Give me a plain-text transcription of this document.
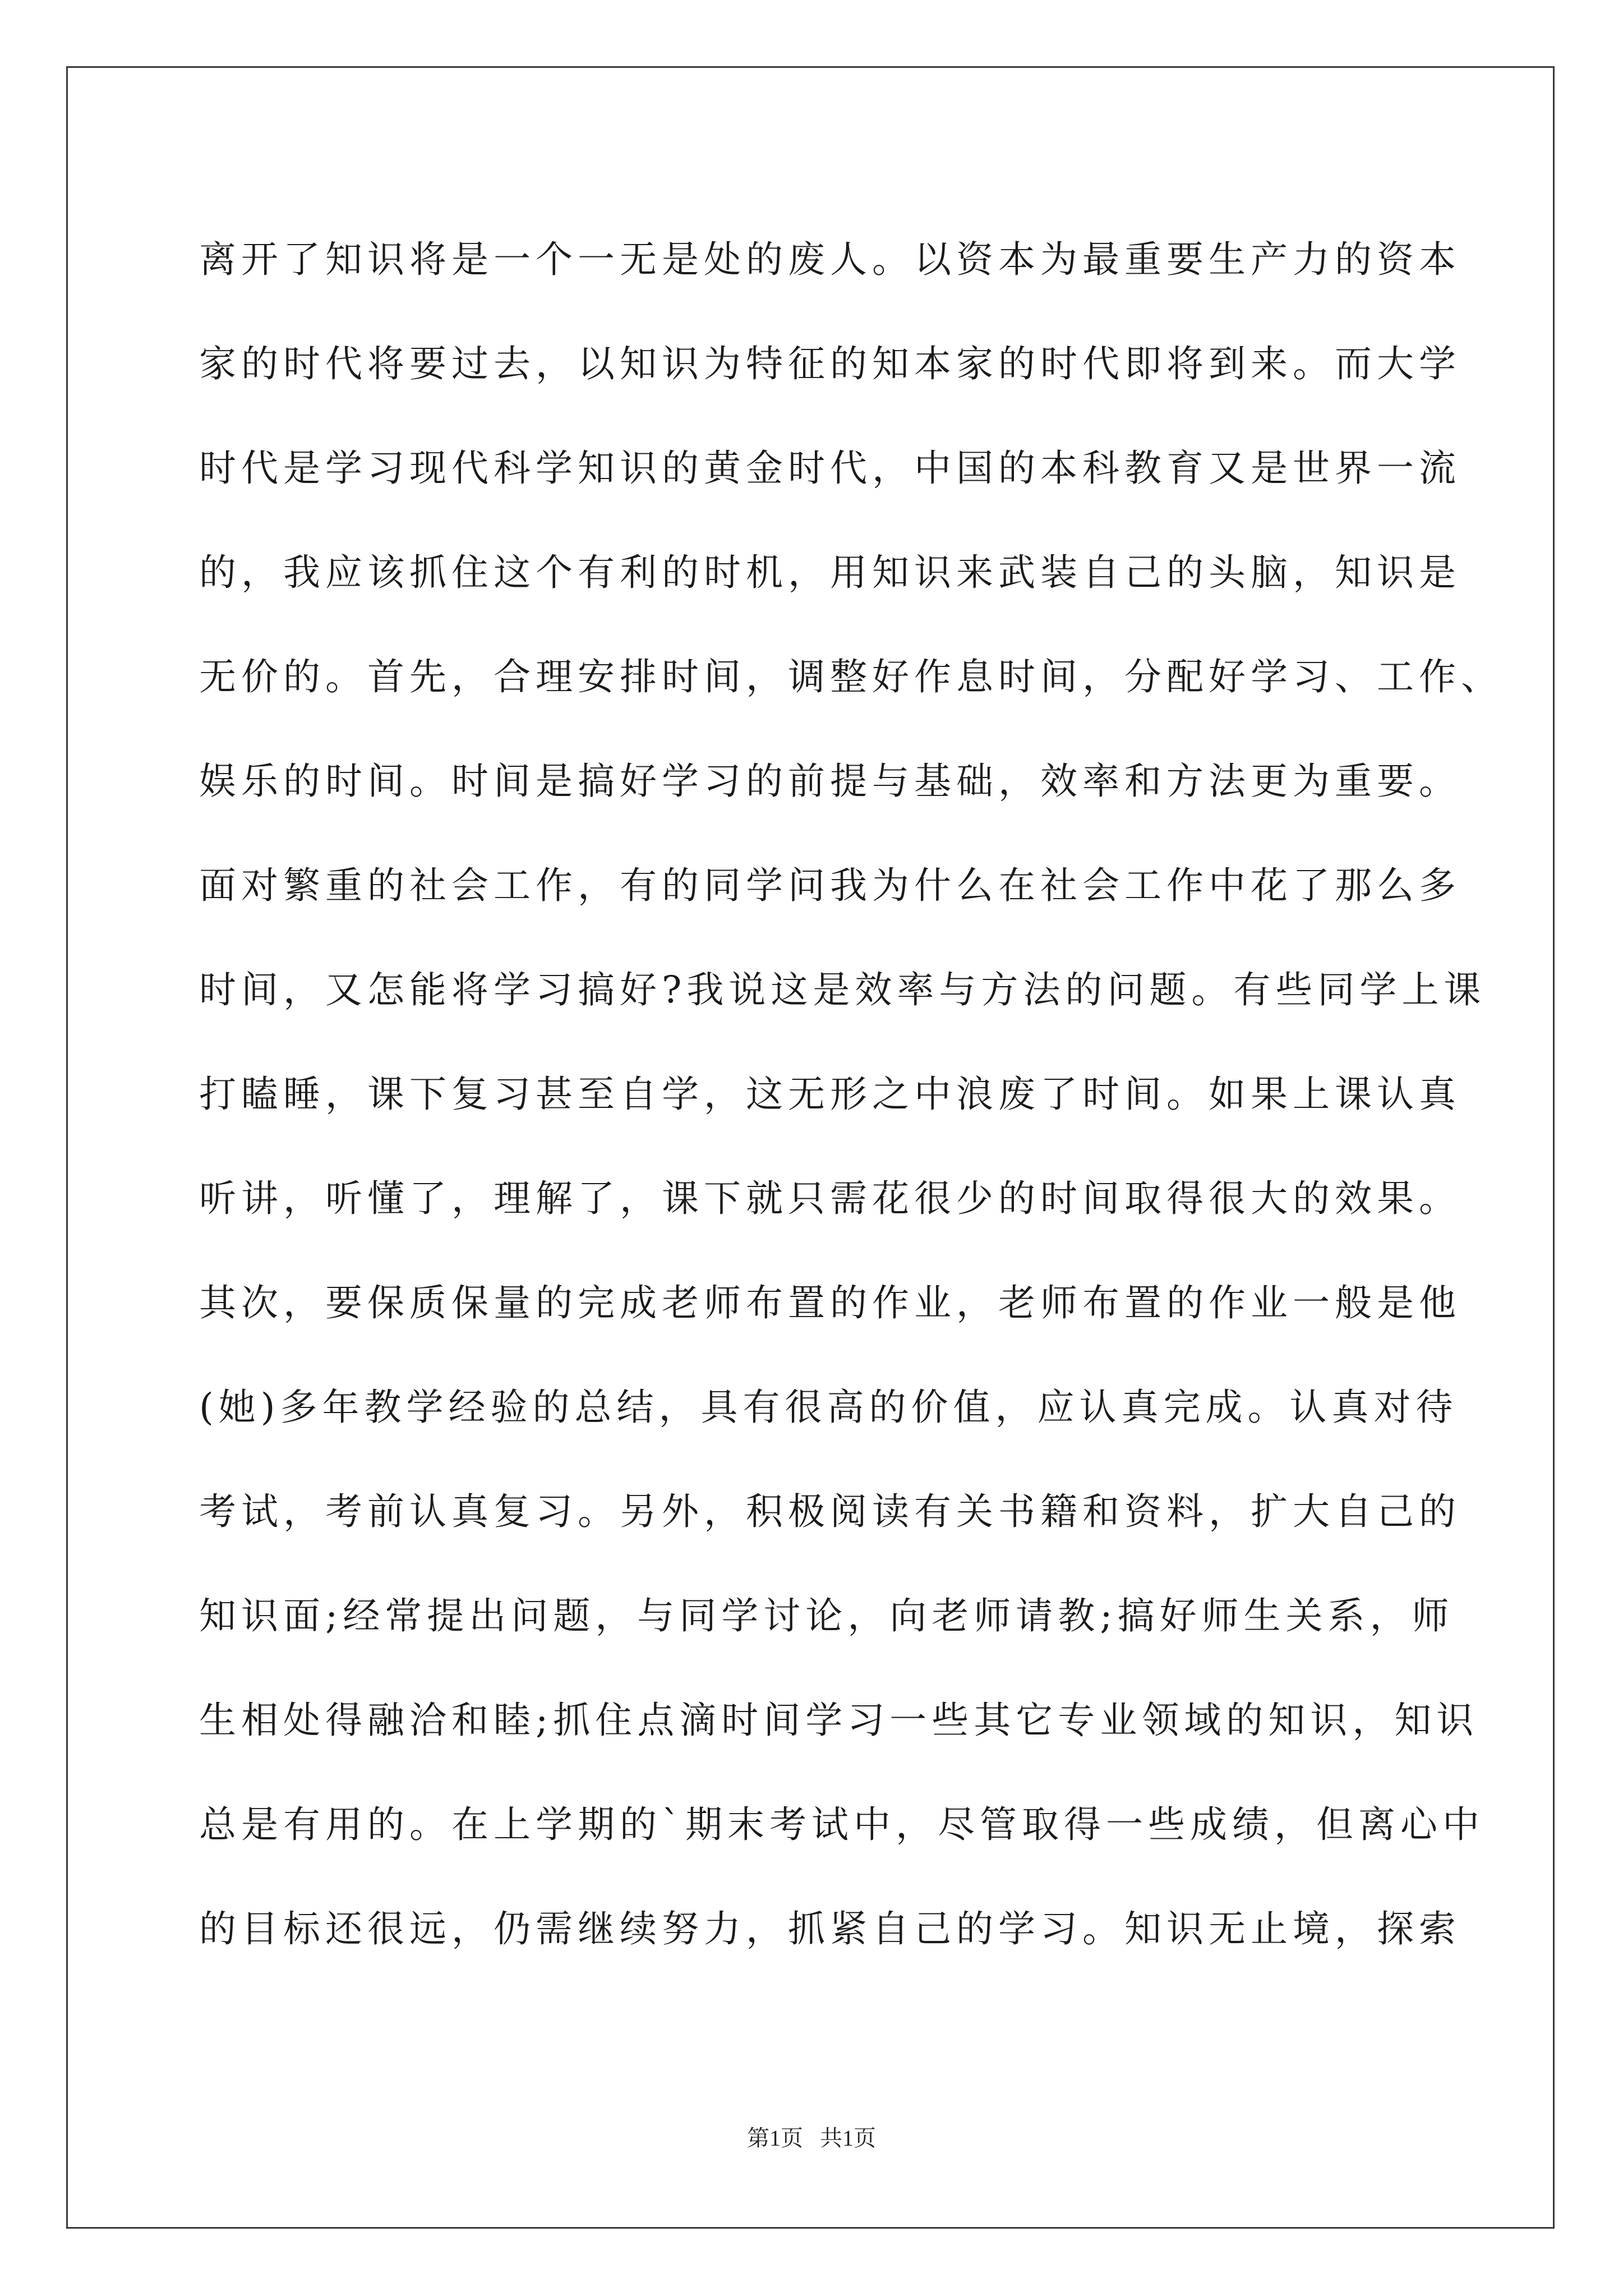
离开了知识将是一个一无是处的废人。以资本为最重要生产力的资本
家的时代将要过去，以知识为特征的知本家的时代即将到来。而大学
时代是学习现代科学知识的黄金时代，中国的本科教育又是世界一流
的，我应该抓住这个有利的时机，用知识来武装自己的头脑，知识是
无价的。首先，合理安排时间，调整好作息时间，分配好学习、工作、
娱乐的时间。时间是搞好学习的前提与基础，效率和方法更为重要。
面对繁重的社会工作，有的同学问我为什么在社会工作中花了那么多
时间，又怎能将学习搞好?我说这是效率与方法的问题。有些同学上课
打瞌睡，课下复习甚至自学，这无形之中浪废了时间。如果上课认真
听讲，听懂了，理解了，课下就只需花很少的时间取得很大的效果。
其次，要保质保量的完成老师布置的作业，老师布置的作业一般是他
(她)多年教学经验的总结，具有很高的价值，应认真完成。认真对待
考试，考前认真复习。另外，积极阅读有关书籍和资料，扩大自己的
知识面;经常提出问题，与同学讨论，向老师请教;搞好师生关系，师
生相处得融洽和睦;抓住点滴时间学习一些其它专业领域的知识，知识
总是有用的。在上学期的`期末考试中，尽管取得一些成绩，但离心中
的目标还很远，仍需继续努力，抓紧自己的学习。知识无止境，探索
第1页   共1页
